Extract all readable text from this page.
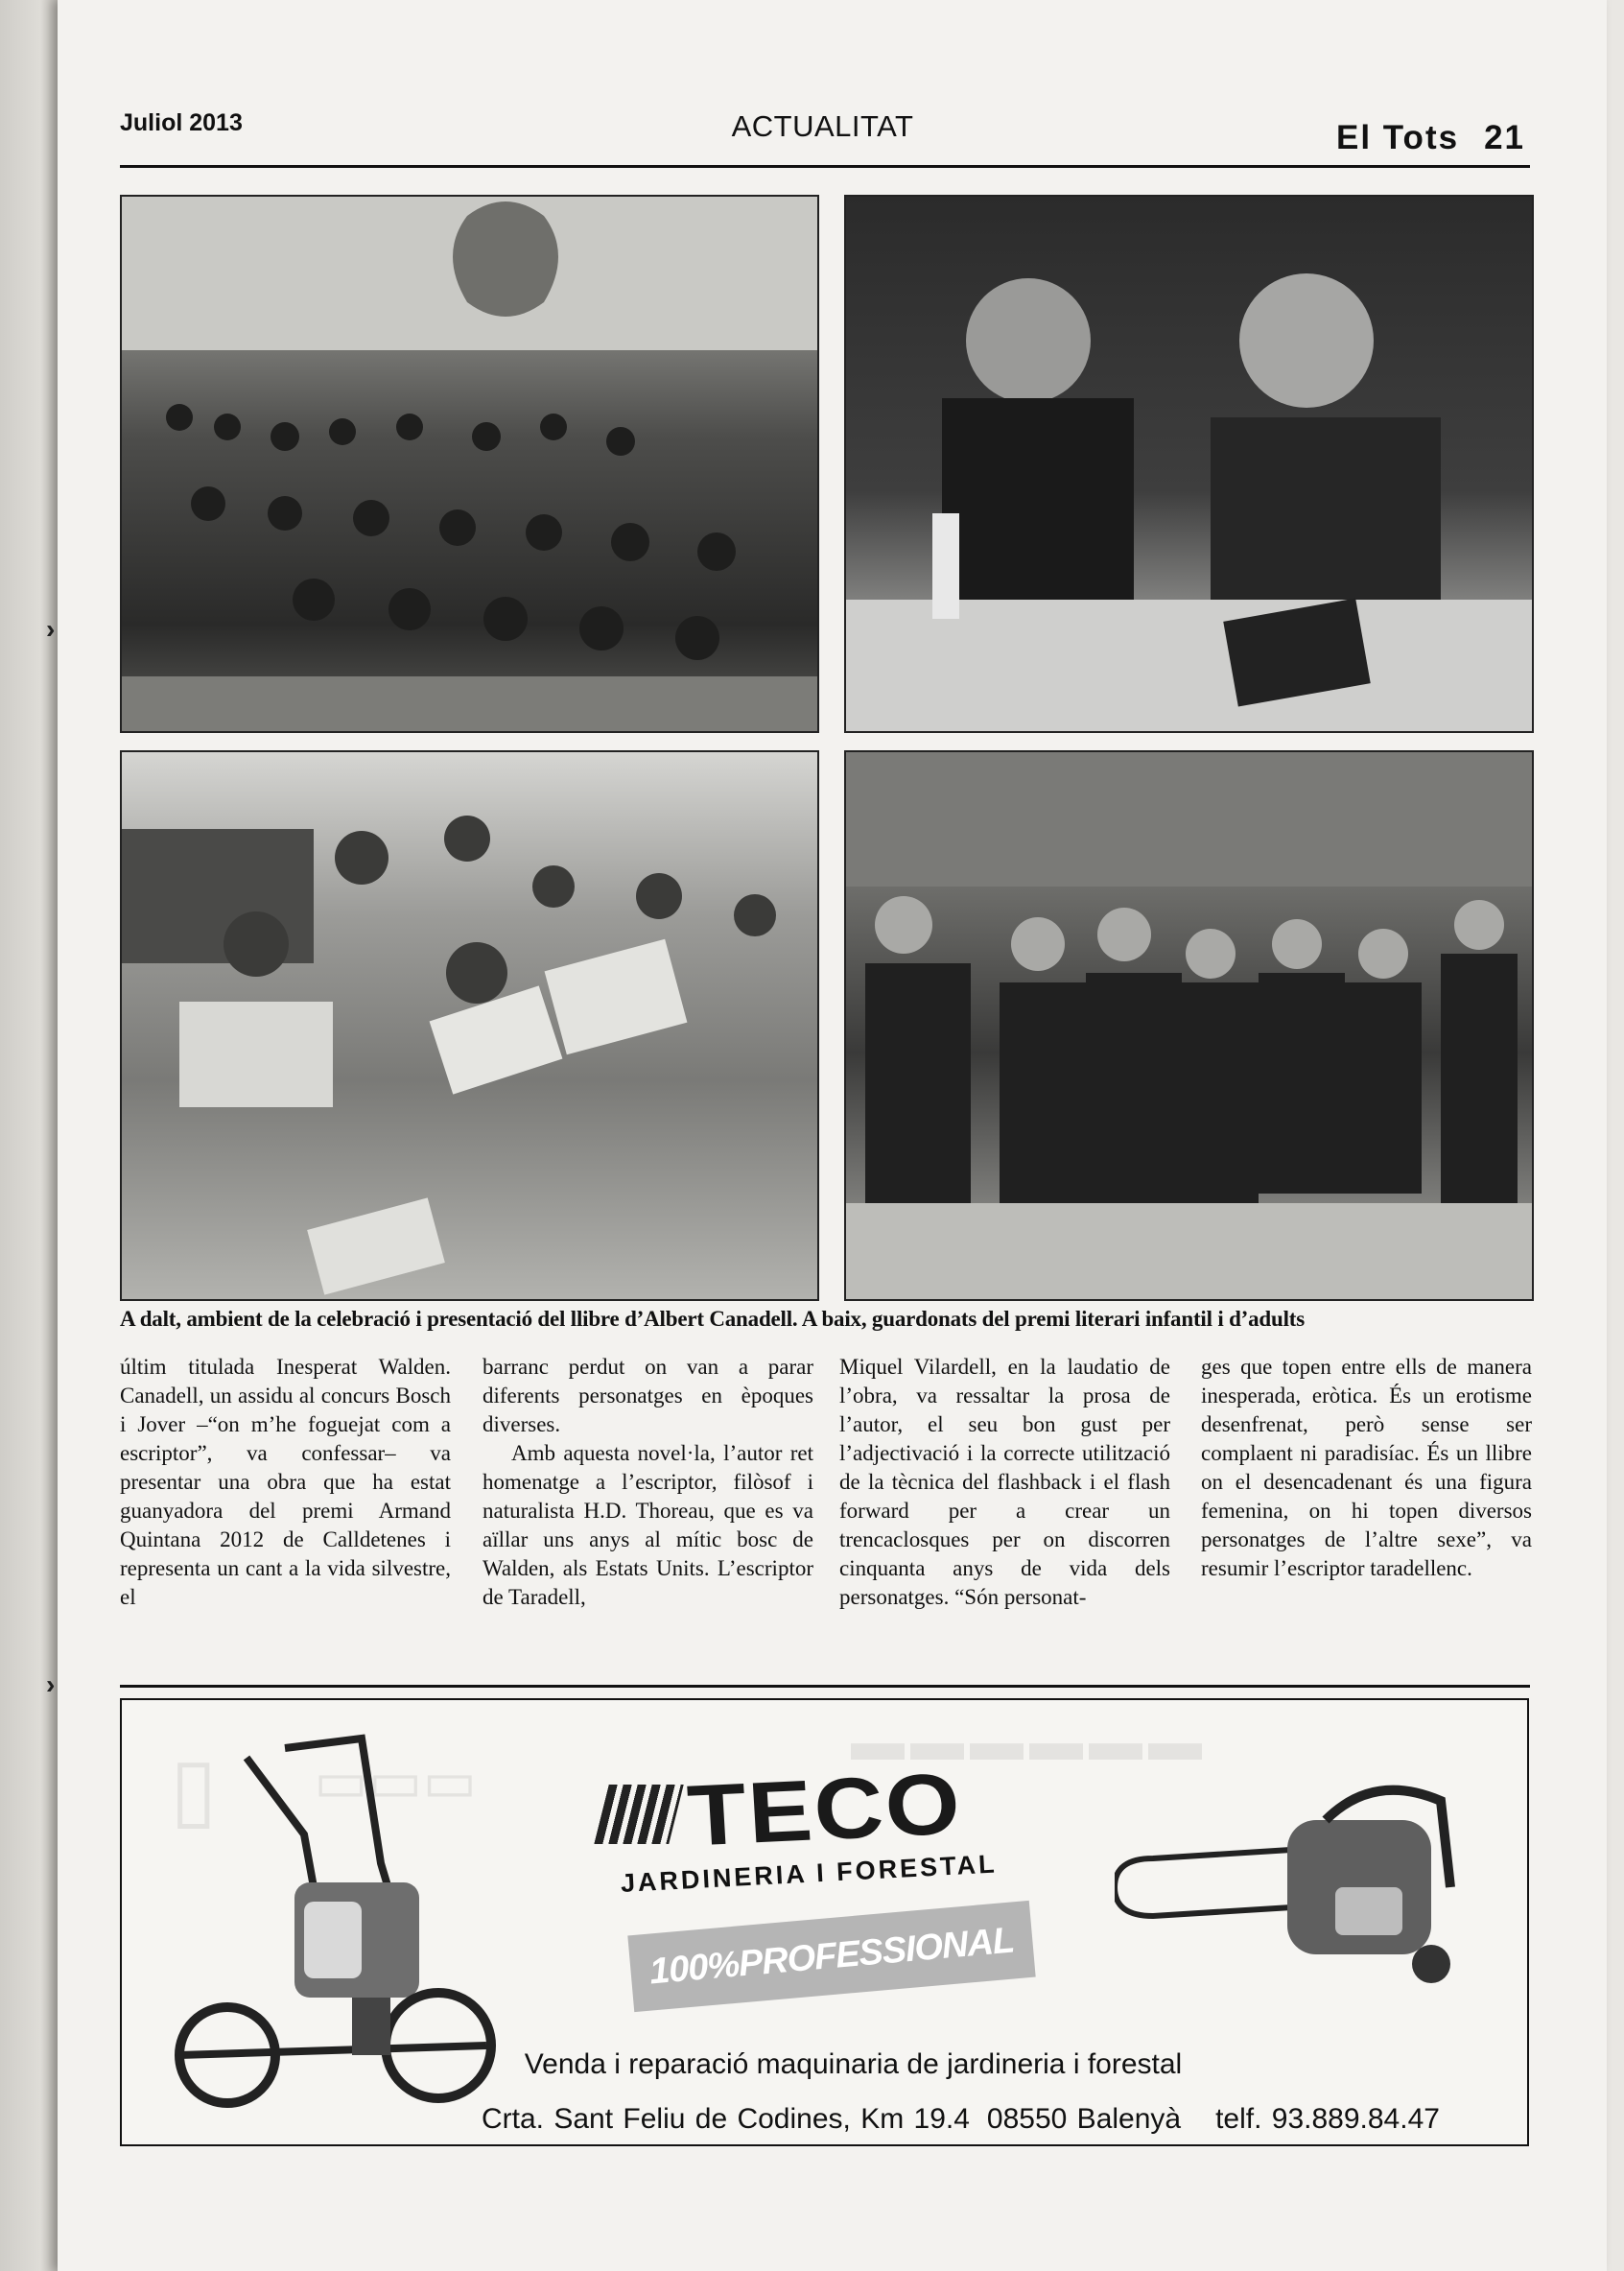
›
›
Juliol 2013	ACTUALITAT	El Tots 21
A dalt, ambient de la celebració i presentació del llibre d’Albert Canadell. A baix, guardonats del premi literari infantil i d’adults

últim titulada Inesperat Walden. Canadell, un assidu al concurs Bosch i Jover –“on m’he foguejat com a escriptor”, va confessar– va presentar una obra que ha estat guanyadora del premi Armand Quintana 2012 de Calldetenes i representa un cant a la vida silvestre, el

barranc perdut on van a parar diferents personatges en èpoques diverses.

Amb aquesta novel·la, l’autor ret homenatge a l’escriptor, filòsof i naturalista H.D. Thoreau, que es va aïllar uns anys al mític bosc de Walden, als Estats Units. L’escriptor de Taradell,

Miquel Vilardell, en la laudatio de l’obra, va ressaltar la prosa de l’autor, el seu bon gust per l’adjectivació i la correcte utilització de la tècnica del flashback i el flash forward per a crear un trencaclosques per on discorren cinquanta anys de vida dels personatges. “Són personat-

ges que topen entre ells de manera inesperada, eròtica. És un erotisme desenfrenat, però sense ser complaent ni paradisíac. És un llibre on el desencadenant és una figura femenina, on hi topen diversos personatges de l’altre sexe”, va resumir l’escriptor taradellenc.

▯ ▭▭▭
▬▬▬▬▬▬
TECO
JARDINERIA I FORESTAL
100%PROFESSIONAL
Venda i reparació maquinaria de jardineria i forestal
Crta. Sant Feliu de Codines, Km 19.4 08550 Balenyà telf. 93.889.84.47
